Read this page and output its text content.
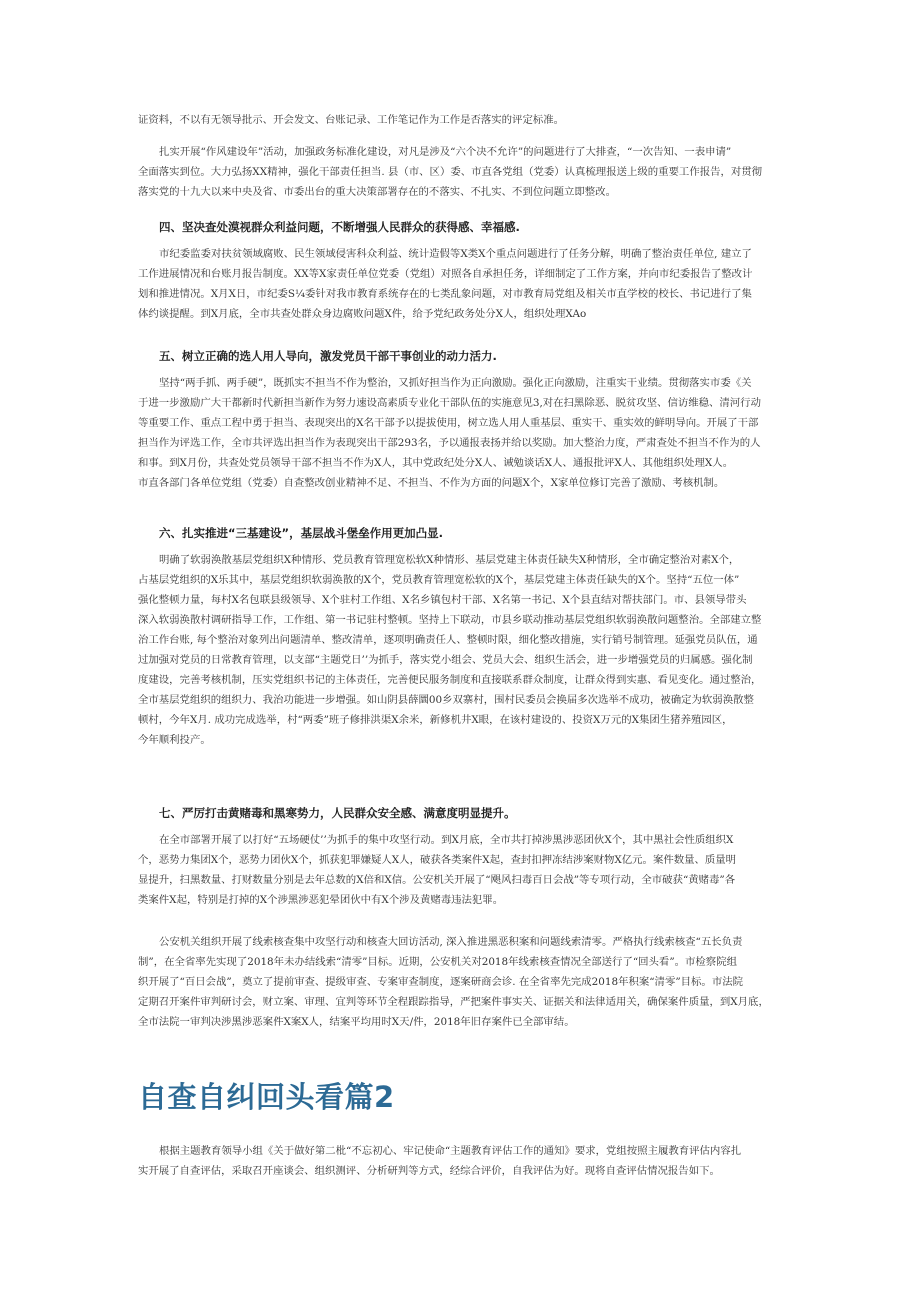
证资料，不以有无领导批示、开会发文、台账记录、工作笔记作为工作是否落实的评定标准。

扎实开展“作风建设年”活动，加强政务标准化建设，对凡是涉及“六个决不允许”的问题进行了大排查，“一次告知、一表申请”
全面落实到位。大力弘扬XX精神，强化干部责任担当. 县（市、区）委、市直各党组（党委）认真梳理报送上级的重要工作报告，对贯彻
落实党的十九大以来中央及省、市委出台的重大决策部署存在的不落实、不扎实、不到位问题立即整改。

四、坚决查处漠视群众利益问题，不断增强人民群众的获得感、幸福感.

市纪委监委对扶贫领域腐败、民生领域侵害科众利益、统计造假等X类X个重点问题进行了任务分解，明确了整治责任单位, 建立了
工作进展情况和台账月报告制度。XX等X家责任单位党委（党组）对照各自承担任务，详细制定了工作方案，并向市纪委报告了整改计
划和推进情况。X月X日，市纪委S¼委针对我市教育系统存在的七类乱象问题，对市教育局党组及相关市直学校的校长、书记进行了集
体约谈提醒。到X月底，全市共查处群众身边腐败问题X件，给予党纪政务处分X人，组织处理XAo

五、树立正确的选人用人导向，激发党员干部干事创业的动力活力.

坚持“两手抓、两手硬”，既抓实不担当不作为整治，又抓好担当作为正向激励。强化正向激励，注重实干业绩。贯彻落实市委《关
于进一步激励广大干都新时代新担当新作为努力速设高素质专业化干部队伍的实施意见3,对在扫黑除恶、脱贫攻坚、信访维稳、清河行动
等重要工作、重点工程中勇于担当、表现突出的X名干部予以提拔使用，树立选人用人重基层、重实干、重实效的鲜明导向。开展了干部
担当作为评选工作，全市共评选出担当作为表现突出干部293名，予以通报表扬并给以奖励。加大整治力度，严肃查处不担当不作为的人
和事。到X月份，共查处党员领导干部不担当不作为X人，其中党政纪处分X人、诫勉谈话X人、通报批评X人、其他组织处理X人。
市直各部门各单位党组（党委）自查整改创业精神不足、不担当、不作为方面的问题X个，X家单位修订完善了激励、考核机制。

六、扎实推进“三基建设”，基层战斗堡垒作用更加凸显.

明确了软弱涣散基层党组织X种情形、党员教育管理宽松软X种情形、基层党建主体责任缺失X种情形，全市确定整治对素X个，
占基层党组织的X乐其中，基层党组织软弱涣散的X个，党员教育管理宽松软的X个，基层党建主体责任缺失的X个。坚持“五位一体”
强化整顿力量，每村X名包联县级领导、X个驻村工作组、X名乡镇包村干部、X名第一书记、X个县直结对帮扶部门。市、县领导带头
深入软弱涣散村调研指导工作，工作组、第一书记驻村整顿。坚持上下联动，市县乡联动推动基层党组织软弱涣散问题整治。全部建立整
治工作台账, 每个整治对象列出问题清单、整改清单，逐项明确责任人、整顿时限，细化整改措施，实行销号制管理。延强党员队伍，通
过加强对党员的日常教育管理，以支部“主题党日’’为抓手，落实党小组会、党员大会、组织生活会，进一步增强党员的归属感。强化制
度建设，完善考核机制，压实党组织书记的主体责任，完善便民服务制度和直接联系群众制度，让群众得到实惠、看见变化。通过整治，
全市基层党组织的组织力、我治功能进一步增强。如山阴县薛圜00乡双寨村，围村民委员会换届多次选举不成功，被确定为软弱涣散整
顿村，今年X月. 成功完成选举，村“两委”班子修排洪渠X余米，新修机井X眼，在该村建设的、投资X万元的X集团生猪养殖园区，
今年顺利投产。

七、严厉打击黄赌毒和黑寒势力，人民群众安全感、满意度明显提升。

在全市部署开展了以打好“五场硬仗’’为抓手的集中攻坚行动。到X月底，全市共打掉涉黑涉恶团伙X个，其中黑社会性质组织X
个，恶势力集团X个，恶势力团伙X个，抓获犯罪嫌疑人X人，破获各类案件X起，查封扣押冻结涉案财物X亿元。案件数量、质量明
显提升，扫黑数量、打财数量分别是去年总数的X倍和X信。公安机关开展了“飓风扫毒百日会战”等专项行动，全市破获“黄赌毒”各
类案件X起，特别是打掉的X个涉黑涉恶犯晕团伙中有X个涉及黄赌毒违法犯罪。

公安机关组织开展了线索核查集中攻坚行动和核查大回访活动, 深入推进黑恶积案和问题线索清零。严格执行线索核查“五长负责
制”，在全省率先实现了2018年未办结线索“清零”目标。近期，公安机关对2018年线索核查情况全部送行了“回头看”。市检察院组
织开展了“百日会战”，奠立了提前审查、提级审查、专案审查制度，逐案研商会诊. 在全省率先完成2018年积案“清零”目标。市法院
定期召开案件审判研讨会，财立案、审理、宜判等环节全程跟踪指导，严把案件事实关、证据关和法律适用关，确保案件质量，到X月底，
全市法院一审判决涉黑涉恶案件X案X人，结案平均用时X天/件，2018年旧存案件已全部审结。

自查自纠回头看篇2

根据主题教育领导小组《关于做好第二枇“不忘初心、牢记使命“主题教育评估工作的通知》要求，党组按照主履教育评估内容扎
实开展了自查评估，采取召开座谈会、组织测评、分析研判等方式，经综合评价，自我评估为好。现将自查评估情况报告如下。
